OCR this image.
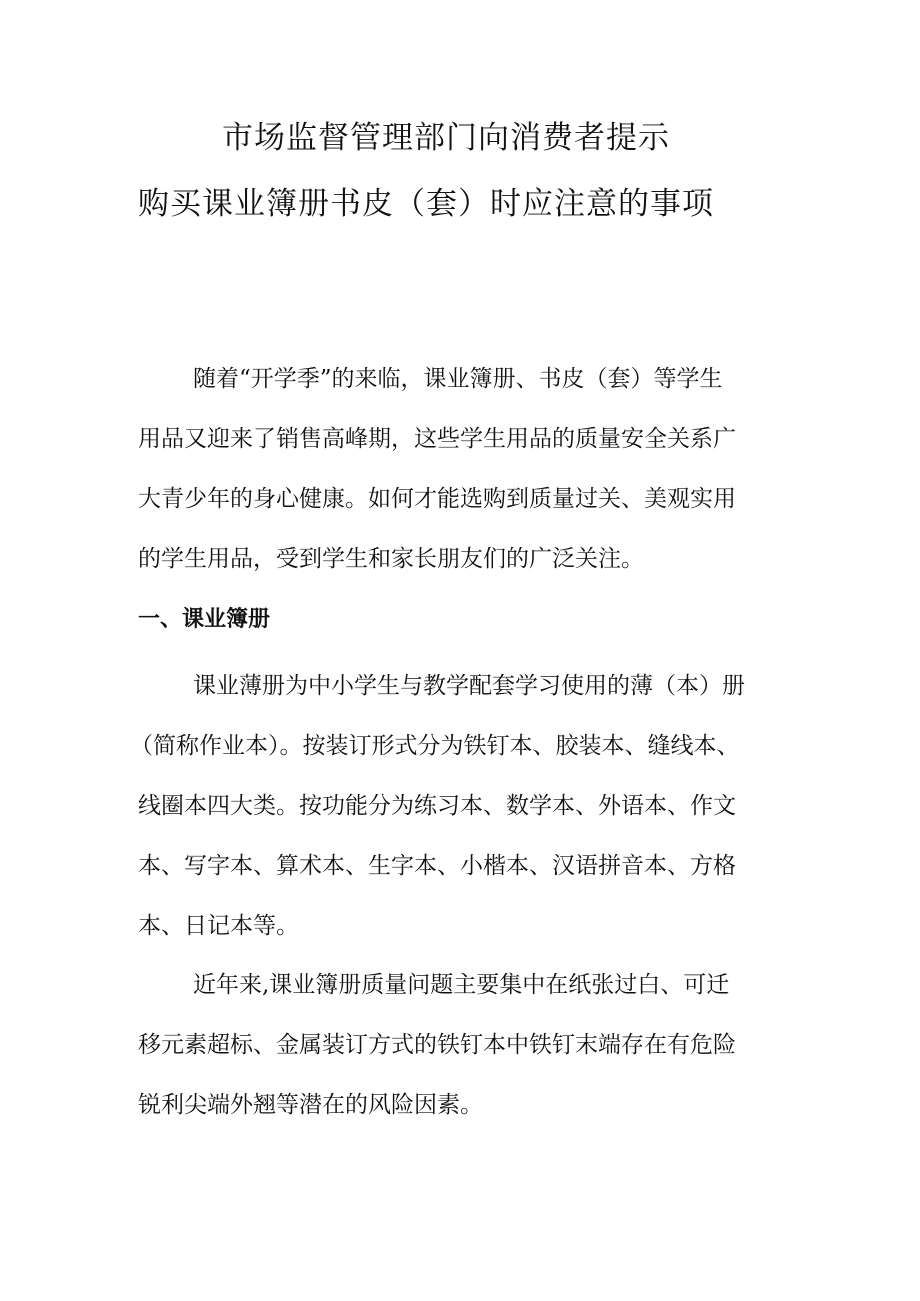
市场监督管理部门向消费者提示
购买课业簿册书皮（套）时应注意的事项
随着“开学季”的来临，课业簿册、书皮（套）等学生
用品又迎来了销售高峰期，这些学生用品的质量安全关系广
大青少年的身心健康。如何才能选购到质量过关、美观实用
的学生用品，受到学生和家长朋友们的广泛关注。
一、课业簿册
课业薄册为中小学生与教学配套学习使用的薄（本）册
（简称作业本）。按装订形式分为铁钉本、胶装本、缝线本、
线圈本四大类。按功能分为练习本、数学本、外语本、作文
本、写字本、算术本、生字本、小楷本、汉语拼音本、方格
本、日记本等。
近年来,课业簿册质量问题主要集中在纸张过白、可迁
移元素超标、金属装订方式的铁钉本中铁钉末端存在有危险
锐利尖端外翘等潜在的风险因素。
